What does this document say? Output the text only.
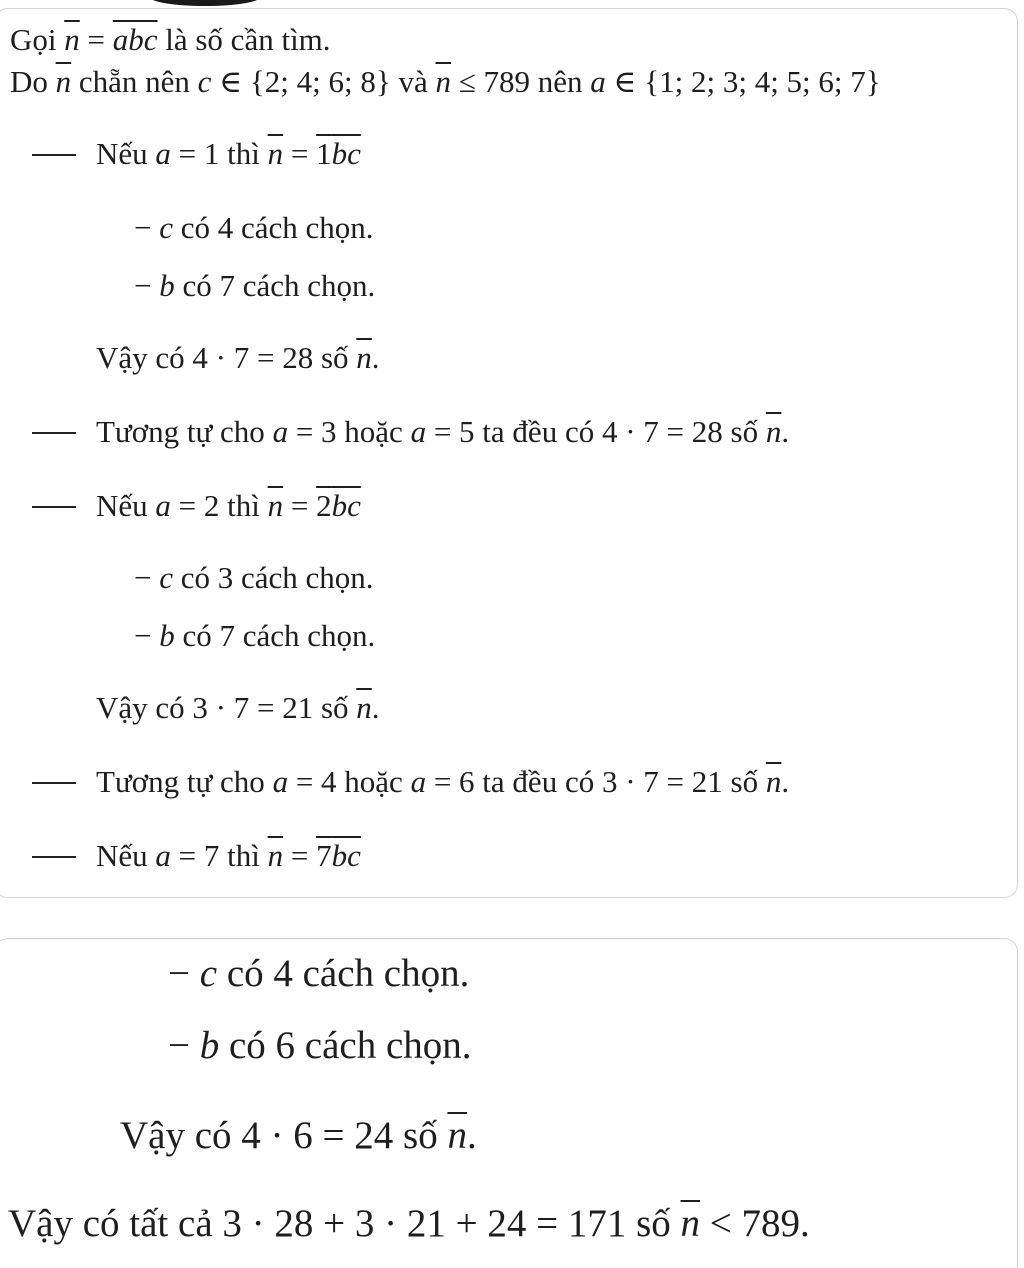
Gọi $\overline{n} = \overline{abc}$ là số cần tìm.
Do $\overline{n}$ chẵn nên c ∈ {2; 4; 6; 8} và $\overline{n} \le 789$ nên a ∈ {1; 2; 3; 4; 5; 6; 7}
Nếu a = 1 thì $\overline{n} = 1bc$
− c có 4 cách chọn.
− b có 7 cách chọn.
Vậy có 4 · 7 = 28 số $\overline{n}$.
Tương tự cho a = 3 hoặc a = 5 ta đều có 4 · 7 = 28 số $\overline{n}$.
Nếu a = 2 thì $\overline{n} = 2bc$
− c có 3 cách chọn.
− b có 7 cách chọn.
Vậy có 3 · 7 = 21 số $\overline{n}$.
Tương tự cho a = 4 hoặc a = 6 ta đều có 3 · 7 = 21 số $\overline{n}$.
Nếu a = 7 thì $\overline{n} = 7bc$
− c có 4 cách chọn.
− b có 6 cách chọn.
Vậy có 4 · 6 = 24 số $\overline{n}$.
Vậy có tất cả 3 · 28 + 3 · 21 + 24 = 171 số $\overline{n} < 789$.
